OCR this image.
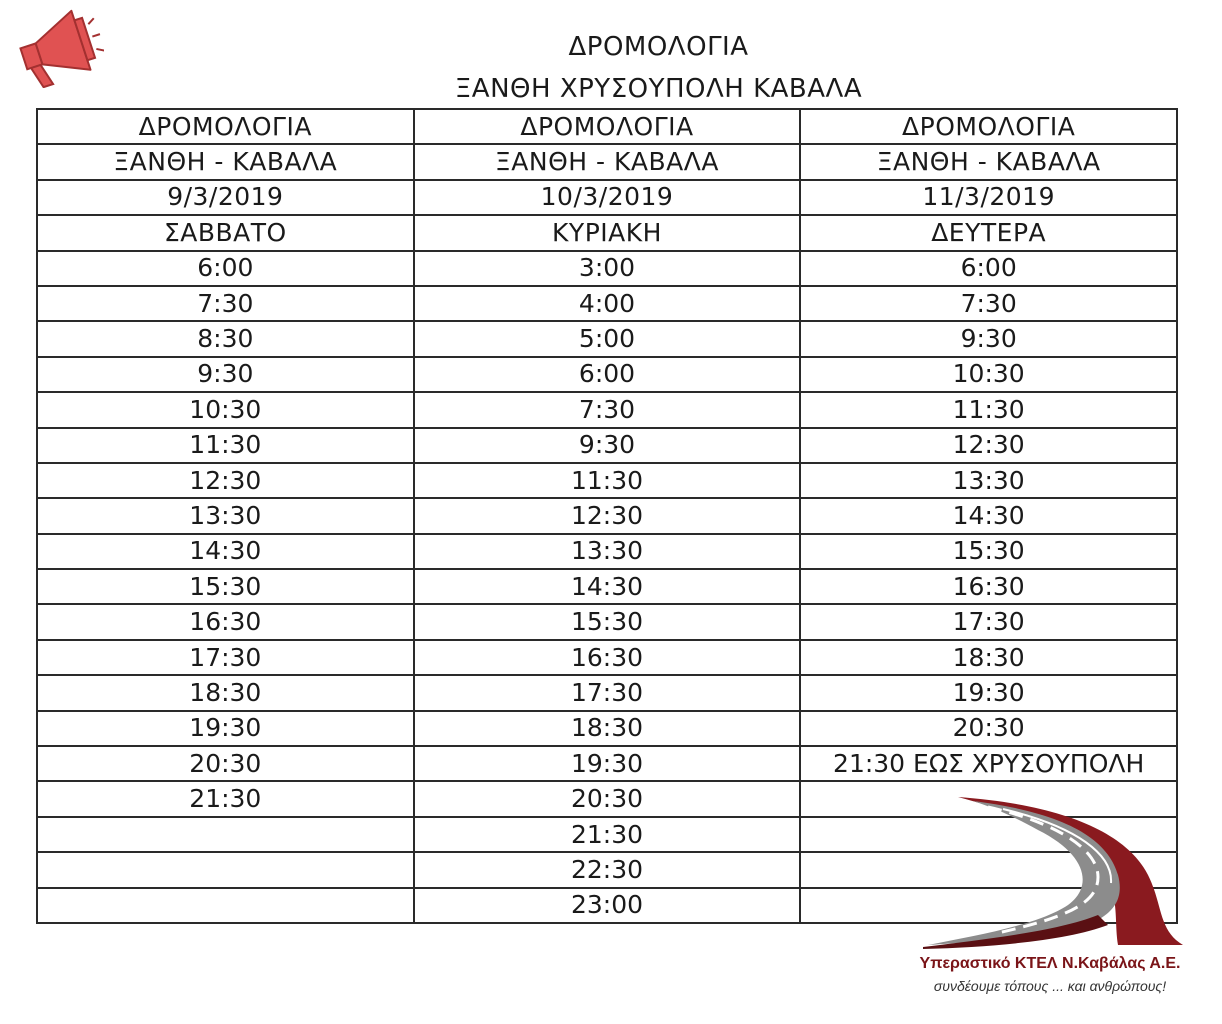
ΔΡΟΜΟΛΟΓΙΑ
ΞΑΝΘΗ ΧΡΥΣΟΥΠΟΛΗ ΚΑΒΑΛΑ
ΔΡΟΜΟΛΟΓΙΑ	ΔΡΟΜΟΛΟΓΙΑ	ΔΡΟΜΟΛΟΓΙΑ
ΞΑΝΘΗ - ΚΑΒΑΛΑ	ΞΑΝΘΗ - ΚΑΒΑΛΑ	ΞΑΝΘΗ - ΚΑΒΑΛΑ
9/3/2019	10/3/2019	11/3/2019
ΣΑΒΒΑΤΟ	ΚΥΡΙΑΚΗ	ΔΕΥΤΕΡΑ
6:00	3:00	6:00
7:30	4:00	7:30
8:30	5:00	9:30
9:30	6:00	10:30
10:30	7:30	11:30
11:30	9:30	12:30
12:30	11:30	13:30
13:30	12:30	14:30
14:30	13:30	15:30
15:30	14:30	16:30
16:30	15:30	17:30
17:30	16:30	18:30
18:30	17:30	19:30
19:30	18:30	20:30
20:30	19:30	21:30 ΕΩΣ ΧΡΥΣΟΥΠΟΛΗ
21:30	20:30	
	21:30	
	22:30	
	23:00	
Υπεραστικό ΚΤΕΛ Ν.Καβάλας Α.Ε.
συνδέουμε τόπους ... και ανθρώπους!
